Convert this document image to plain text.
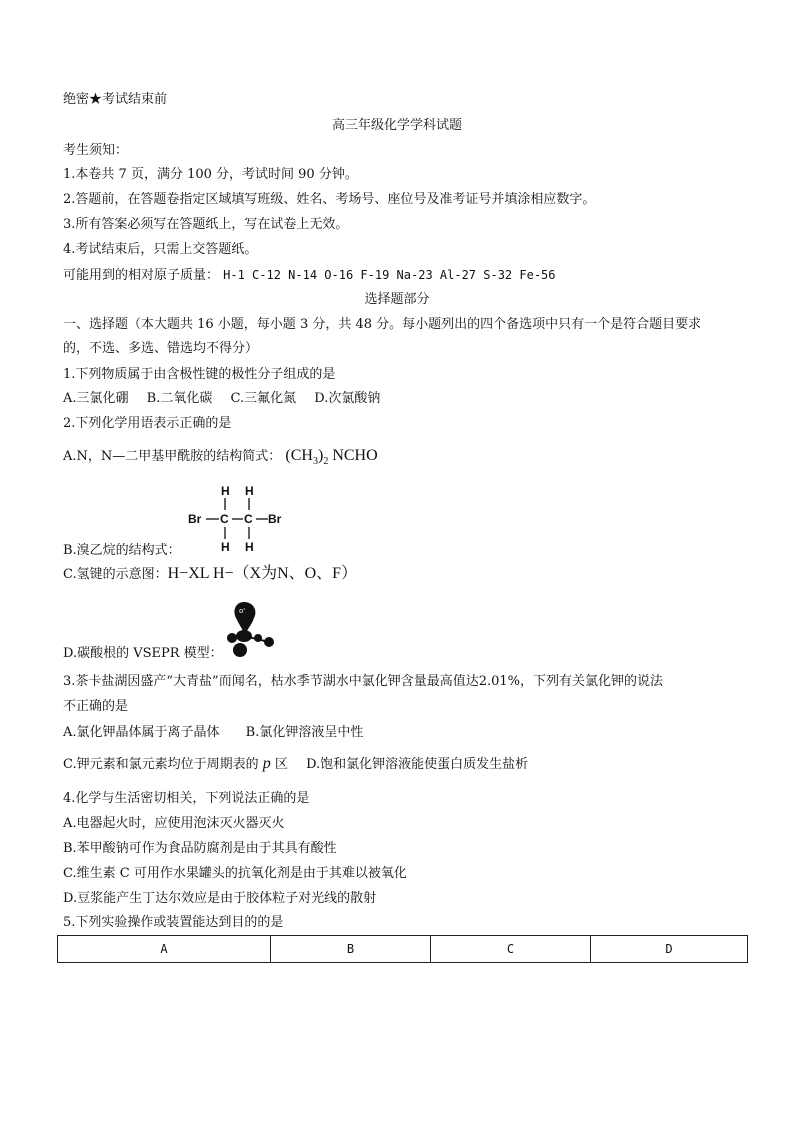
绝密★考试结束前
高三年级化学学科试题
考生须知：
1.本卷共 7 页，满分 100 分，考试时间 90 分钟。
2.答题前，在答题卷指定区域填写班级、姓名、考场号、座位号及准考证号并填涂相应数字。
3.所有答案必须写在答题纸上，写在试卷上无效。
4.考试结束后，只需上交答题纸。
可能用到的相对原子质量： H-1 C-12 N-14 O-16 F-19 Na-23 Al-27 S-32 Fe-56
选择题部分
一、选择题（本大题共 16 小题，每小题 3 分，共 48 分。每小题列出的四个备选项中只有一个是符合题目要求
的，不选、多选、错选均不得分）
1.下列物质属于由含极性键的极性分子组成的是
A.三氯化硼 B.二氧化碳 C.三氟化氮 D.次氯酸钠
2.下列化学用语表示正确的是
A.N，N—二甲基甲酰胺的结构简式： $(CH_3)_2$ NCHO
H H
Br C C Br
H H
B.溴乙烷的结构式：
C.氢键的示意图：H−XL H−（X为N、O、F）
o'
D.碳酸根的 VSEPR 模型：
3.茶卡盐湖因盛产“大青盐”而闻名，枯水季节湖水中氯化钾含量最高值达2.01%，下列有关氯化钾的说法
不正确的是
A.氯化钾晶体属于离子晶体 B.氯化钾溶液呈中性
C.钾元素和氯元素均位于周期表的 p 区 D.饱和氯化钾溶液能使蛋白质发生盐析
4.化学与生活密切相关，下列说法正确的是
A.电器起火时，应使用泡沫灭火器灭火
B.苯甲酸钠可作为食品防腐剂是由于其具有酸性
C.维生素 C 可用作水果罐头的抗氧化剂是由于其难以被氧化
D.豆浆能产生丁达尔效应是由于胶体粒子对光线的散射
5.下列实验操作或装置能达到目的的是
A	B	C	D
